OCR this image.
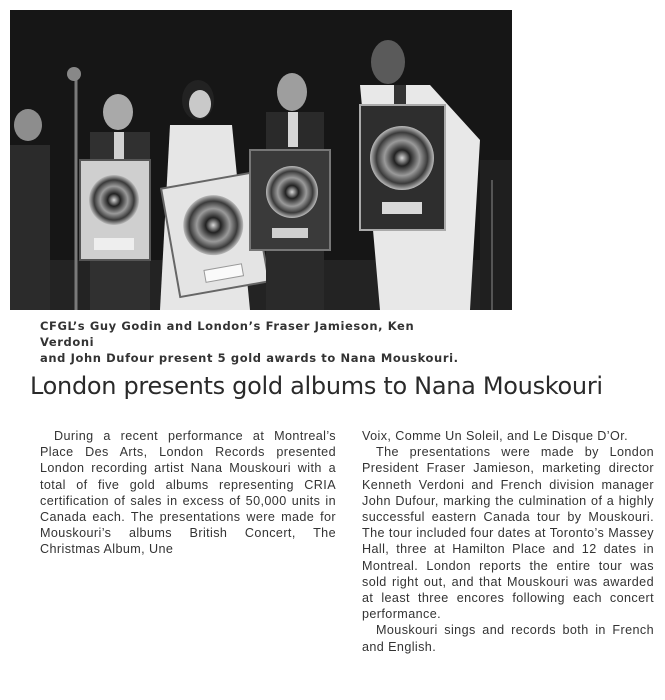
CFGL’s Guy Godin and London’s Fraser Jamieson, Ken Verdoni
and John Dufour present 5 gold awards to Nana Mouskouri.
London presents gold albums to Nana Mouskouri

During a recent performance at Montreal’s Place Des Arts, London Records presented London recording artist Nana Mouskouri with a total of five gold albums representing CRIA certification of sales in excess of 50,000 units in Canada each. The presentations were made for Mouskouri’s albums British Concert, The Christmas Album, Une

Voix, Comme Un Soleil, and Le Disque D’Or.

The presentations were made by London President Fraser Jamieson, marketing director Kenneth Verdoni and French division manager John Dufour, marking the culmination of a highly successful eastern Canada tour by Mouskouri. The tour included four dates at Toronto’s Massey Hall, three at Hamilton Place and 12 dates in Montreal. London reports the entire tour was sold right out, and that Mouskouri was awarded at least three encores following each concert performance.

Mouskouri sings and records both in French and English.
